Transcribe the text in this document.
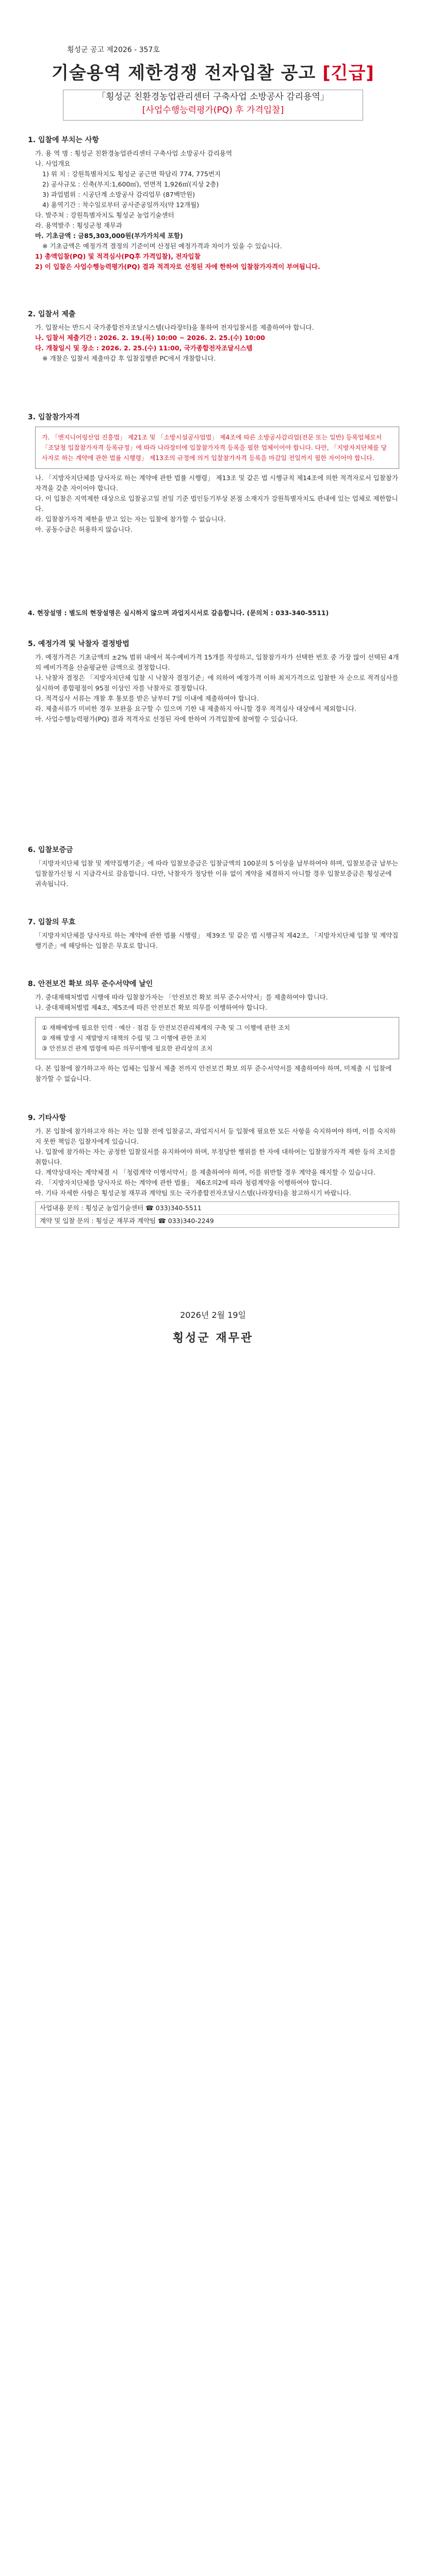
횡성군 공고 제2026 - 357호
기술용역 제한경쟁 전자입찰 공고 [긴급]
「횡성군 친환경농업관리센터 구축사업 소방공사 감리용역」
[사업수행능력평가(PQ) 후 가격입찰]
1. 입찰에 부치는 사항
가. 용 역 명 : 횡성군 친환경농업관리센터 구축사업 소방공사 감리용역
나. 사업개요
1) 위 치 : 강원특별자치도 횡성군 공근면 학담리 774, 775번지
2) 공사규모 : 신축(부지:1,600㎡), 연면적 1,926㎡(지상 2층)
3) 과업범위 : 시공단계 소방공사 감리업무 (87백만원)
4) 용역기간 : 착수일로부터 공사준공일까지(약 12개월)
다. 발주처 : 강원특별자치도 횡성군 농업기술센터
라. 용역발주 : 횡성군청 재무과
마. 기초금액 : 금85,303,000원(부가가치세 포함)
※ 기초금액은 예정가격 결정의 기준이며 산정된 예정가격과 차이가 있을 수 있습니다.
1) 총액입찰(PQ) 및 적격심사(PQ후 가격입찰), 전자입찰
2) 이 입찰은 사업수행능력평가(PQ) 결과 적격자로 선정된 자에 한하여 입찰참가자격이 부여됩니다.
2. 입찰서 제출
가. 입찰서는 반드시 국가종합전자조달시스템(나라장터)을 통하여 전자입찰서를 제출하여야 합니다.
나. 입찰서 제출기간 : 2026. 2. 19.(목) 10:00 ~ 2026. 2. 25.(수) 10:00
다. 개찰일시 및 장소 : 2026. 2. 25.(수) 11:00, 국가종합전자조달시스템
※ 개찰은 입찰서 제출마감 후 입찰집행관 PC에서 개찰합니다.
3. 입찰참가자격
가. 「엔지니어링산업 진흥법」 제21조 및 「소방시설공사업법」 제4조에 따른 소방공사감리업(전문 또는 일반) 등록업체로서 「조달청 입찰참가자격 등록규정」에 따라 나라장터에 입찰참가자격 등록을 필한 업체이어야 합니다. 다만, 「지방자치단체를 당사자로 하는 계약에 관한 법률 시행령」 제13조의 규정에 의거 입찰참가자격 등록을 마감일 전일까지 필한 자이어야 합니다.
나. 「지방자치단체를 당사자로 하는 계약에 관한 법률 시행령」 제13조 및 같은 법 시행규칙 제14조에 의한 적격자로서 입찰참가자격을 갖춘 자이어야 합니다.
다. 이 입찰은 지역제한 대상으로 입찰공고일 전일 기준 법인등기부상 본점 소재지가 강원특별자치도 관내에 있는 업체로 제한합니다.
라. 입찰참가자격 제한을 받고 있는 자는 입찰에 참가할 수 없습니다.
마. 공동수급은 허용하지 않습니다.
4. 현장설명 : 별도의 현장설명은 실시하지 않으며 과업지시서로 갈음합니다. (문의처 : 033-340-5511)
5. 예정가격 및 낙찰자 결정방법
가. 예정가격은 기초금액의 ±2% 범위 내에서 복수예비가격 15개를 작성하고, 입찰참가자가 선택한 번호 중 가장 많이 선택된 4개의 예비가격을 산술평균한 금액으로 결정합니다.
나. 낙찰자 결정은 「지방자치단체 입찰 시 낙찰자 결정기준」에 의하여 예정가격 이하 최저가격으로 입찰한 자 순으로 적격심사를 실시하여 종합평점이 95점 이상인 자를 낙찰자로 결정합니다.
다. 적격심사 서류는 개찰 후 통보를 받은 날부터 7일 이내에 제출하여야 합니다.
라. 제출서류가 미비한 경우 보완을 요구할 수 있으며 기한 내 제출하지 아니할 경우 적격심사 대상에서 제외합니다.
마. 사업수행능력평가(PQ) 결과 적격자로 선정된 자에 한하여 가격입찰에 참여할 수 있습니다.
6. 입찰보증금
「지방자치단체 입찰 및 계약집행기준」에 따라 입찰보증금은 입찰금액의 100분의 5 이상을 납부하여야 하며, 입찰보증금 납부는 입찰참가신청 시 지급각서로 갈음합니다. 다만, 낙찰자가 정당한 이유 없이 계약을 체결하지 아니할 경우 입찰보증금은 횡성군에 귀속됩니다.
7. 입찰의 무효
「지방자치단체를 당사자로 하는 계약에 관한 법률 시행령」 제39조 및 같은 법 시행규칙 제42조, 「지방자치단체 입찰 및 계약집행기준」에 해당하는 입찰은 무효로 합니다.
8. 안전보건 확보 의무 준수서약에 날인
가. 중대재해처벌법 시행에 따라 입찰참가자는 「안전보건 확보 의무 준수서약서」를 제출하여야 합니다.
나. 중대재해처벌법 제4조, 제5조에 따른 안전보건 확보 의무를 이행하여야 합니다.
① 재해예방에 필요한 인력 · 예산 · 점검 등 안전보건관리체계의 구축 및 그 이행에 관한 조치
② 재해 발생 시 재발방지 대책의 수립 및 그 이행에 관한 조치
③ 안전보건 관계 법령에 따른 의무이행에 필요한 관리상의 조치
다. 본 입찰에 참가하고자 하는 업체는 입찰서 제출 전까지 안전보건 확보 의무 준수서약서를 제출하여야 하며, 미제출 시 입찰에 참가할 수 없습니다.
9. 기타사항
가. 본 입찰에 참가하고자 하는 자는 입찰 전에 입찰공고, 과업지시서 등 입찰에 필요한 모든 사항을 숙지하여야 하며, 이를 숙지하지 못한 책임은 입찰자에게 있습니다.
나. 입찰에 참가하는 자는 공정한 입찰질서를 유지하여야 하며, 부정당한 행위를 한 자에 대하여는 입찰참가자격 제한 등의 조치를 취합니다.
다. 계약상대자는 계약체결 시 「청렴계약 이행서약서」를 제출하여야 하며, 이를 위반할 경우 계약을 해지할 수 있습니다.
라. 「지방자치단체를 당사자로 하는 계약에 관한 법률」 제6조의2에 따라 청렴계약을 이행하여야 합니다.
마. 기타 자세한 사항은 횡성군청 재무과 계약팀 또는 국가종합전자조달시스템(나라장터)을 참고하시기 바랍니다.
사업내용 문의 : 횡성군 농업기술센터 ☎ 033)340-5511
계약 및 입찰 문의 : 횡성군 재무과 계약팀 ☎ 033)340-2249
2026년 2월 19일
횡성군 재무관
